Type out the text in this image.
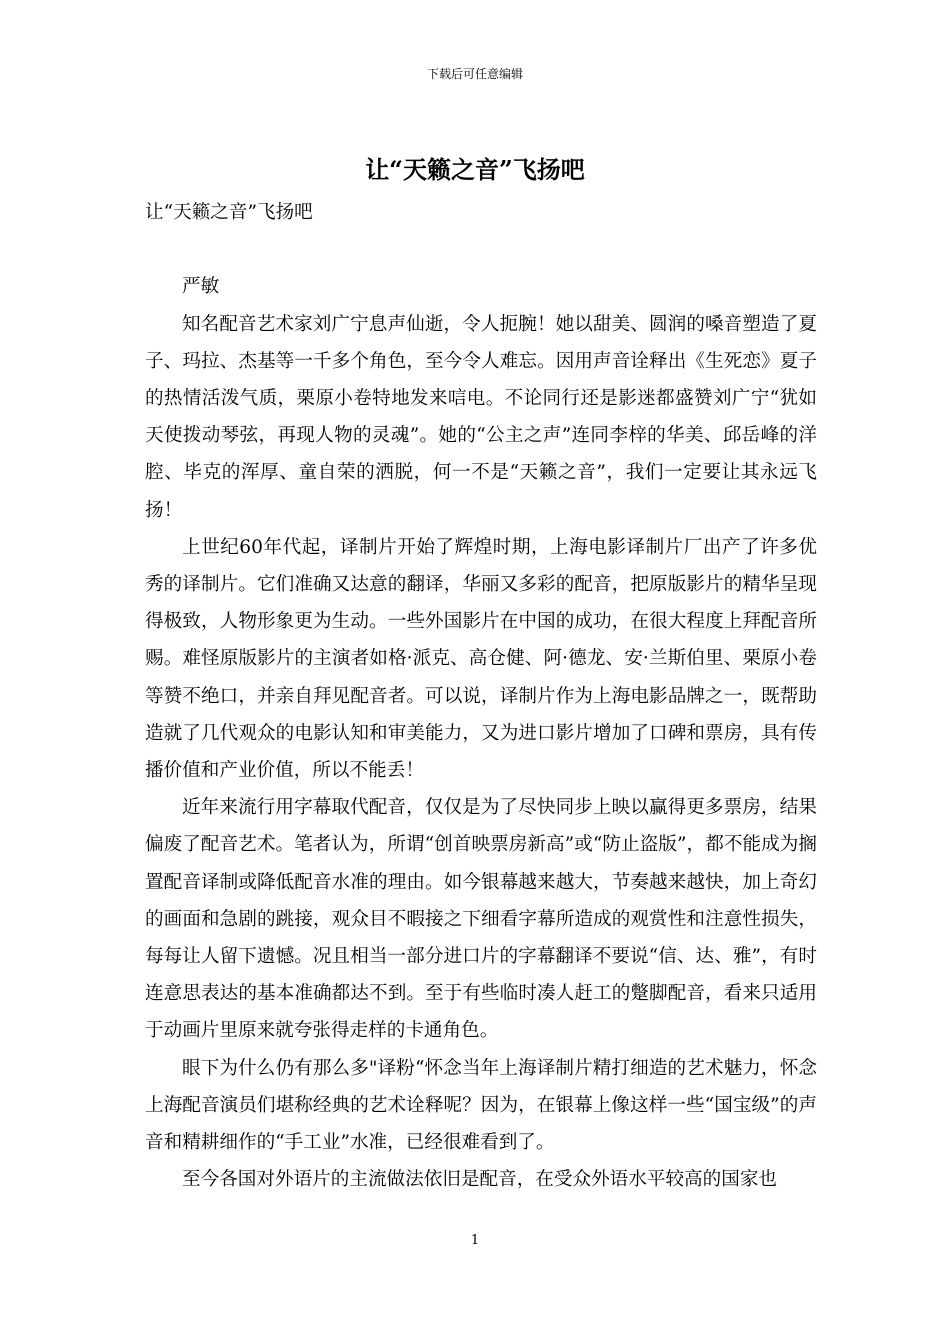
下载后可任意编辑
让“天籁之音”飞扬吧

让“天籁之音”飞扬吧

严敏

知名配音艺术家刘广宁息声仙逝，令人扼腕！她以甜美、圆润的嗓音塑造了夏子、玛拉、杰基等一千多个角色，至今令人难忘。因用声音诠释出《生死恋》夏子的热情活泼气质，栗原小卷特地发来唁电。不论同行还是影迷都盛赞刘广宁“犹如天使拨动琴弦，再现人物的灵魂”。她的“公主之声”连同李梓的华美、邱岳峰的洋腔、毕克的浑厚、童自荣的洒脱，何一不是“天籁之音”，我们一定要让其永远飞扬！

上世纪60年代起，译制片开始了辉煌时期，上海电影译制片厂出产了许多优秀的译制片。它们准确又达意的翻译，华丽又多彩的配音，把原版影片的精华呈现得极致，人物形象更为生动。一些外国影片在中国的成功，在很大程度上拜配音所赐。难怪原版影片的主演者如格·派克、高仓健、阿·德龙、安·兰斯伯里、栗原小卷等赞不绝口，并亲自拜见配音者。可以说，译制片作为上海电影品牌之一，既帮助造就了几代观众的电影认知和审美能力，又为进口影片增加了口碑和票房，具有传播价值和产业价值，所以不能丢！

近年来流行用字幕取代配音，仅仅是为了尽快同步上映以赢得更多票房，结果偏废了配音艺术。笔者认为，所谓“创首映票房新高”或“防止盗版”，都不能成为搁置配音译制或降低配音水准的理由。如今银幕越来越大，节奏越来越快，加上奇幻的画面和急剧的跳接，观众目不暇接之下细看字幕所造成的观赏性和注意性损失，每每让人留下遗憾。况且相当一部分进口片的字幕翻译不要说“信、达、雅”，有时连意思表达的基本准确都达不到。至于有些临时凑人赶工的蹩脚配音，看来只适用于动画片里原来就夸张得走样的卡通角色。

眼下为什么仍有那么多"译粉“怀念当年上海译制片精打细造的艺术魅力，怀念上海配音演员们堪称经典的艺术诠释呢？因为，在银幕上像这样一些“国宝级”的声音和精耕细作的“手工业”水准，已经很难看到了。

至今各国对外语片的主流做法依旧是配音，在受众外语水平较高的国家也

1
